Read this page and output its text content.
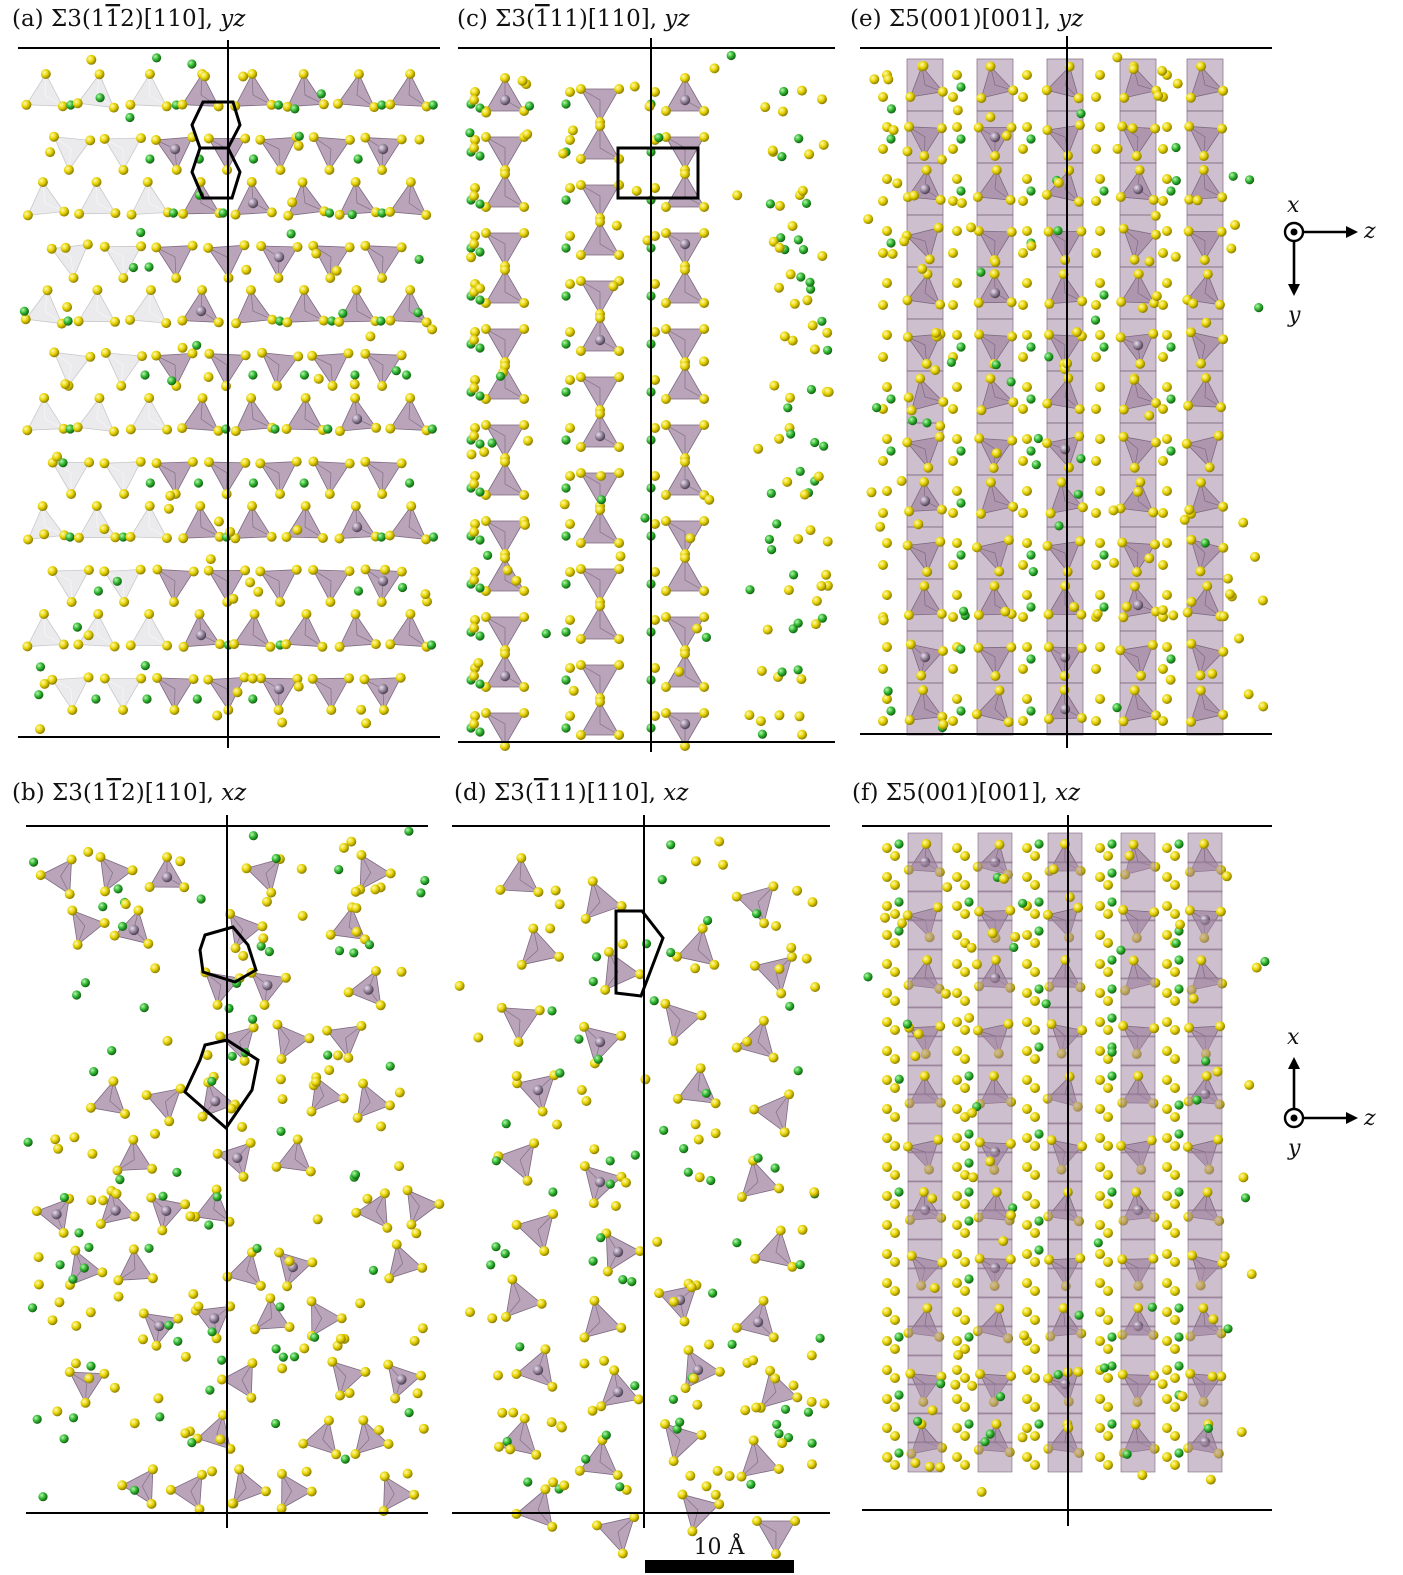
(a) Σ3(112)[110], yz	(c) Σ3(111)[110], yz	(e) Σ5(001)[001], yz
(b) Σ3(112)[110], xz	(d) Σ3(111)[110], xz	(f) Σ5(001)[001], xz
x
z
y
x
z
y
10 Å
